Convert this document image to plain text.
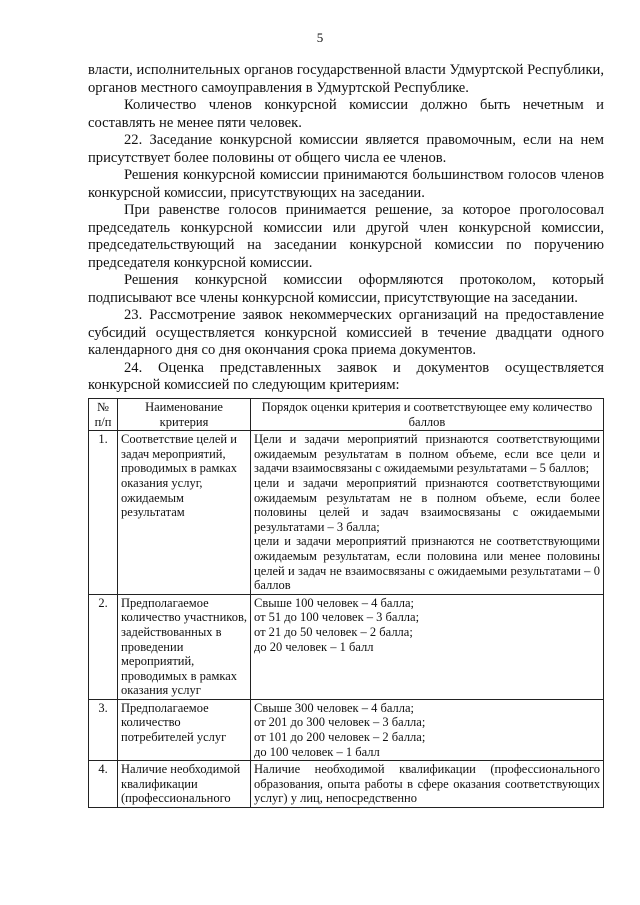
5

власти, исполнительных органов государственной власти Удмуртской Республики, органов местного самоуправления в Удмуртской Республике.

Количество членов конкурсной комиссии должно быть нечетным и составлять не менее пяти человек.

22. Заседание конкурсной комиссии является правомочным, если на нем присутствует более половины от общего числа ее членов.

Решения конкурсной комиссии принимаются большинством голосов членов конкурсной комиссии, присутствующих на заседании.

При равенстве голосов принимается решение, за которое проголосовал председатель конкурсной комиссии или другой член конкурсной комиссии, председательствующий на заседании конкурсной комиссии по поручению председателя конкурсной комиссии.

Решения конкурсной комиссии оформляются протоколом, который подписывают все члены конкурсной комиссии, присутствующие на заседании.

23. Рассмотрение заявок некоммерческих организаций на предоставление субсидий осуществляется конкурсной комиссией в течение двадцати одного календарного дня со дня окончания срока приема документов.

24. Оценка представленных заявок и документов осуществляется конкурсной комиссией по следующим критериям:

№ п/п	Наименование критерия	Порядок оценки критерия и соответствующее ему количество баллов
1.	Соответствие целей и задач мероприятий, проводимых в рамках оказания услуг, ожидаемым результатам	Цели и задачи мероприятий признаются соответствующими ожидаемым результатам в полном объеме, если все цели и задачи взаимосвязаны с ожидаемыми результатами – 5 баллов;
цели и задачи мероприятий признаются соответствующими ожидаемым результатам не в полном объеме, если более половины целей и задач взаимосвязаны с ожидаемыми результатами – 3 балла;
цели и задачи мероприятий признаются не соответствующими ожидаемым результатам, если половина или менее половины целей и задач не взаимосвязаны с ожидаемыми результатами – 0 баллов

2.	Предполагаемое количество участников, задействованных в проведении мероприятий, проводимых в рамках оказания услуг	Свыше 100 человек – 4 балла;
от 51 до 100 человек – 3 балла;
от 21 до 50 человек – 2 балла;
до 20 человек – 1 балл

3.	Предполагаемое количество потребителей услуг	Свыше 300 человек – 4 балла;
от 201 до 300 человек – 3 балла;
от 101 до 200 человек – 2 балла;
до 100 человек – 1 балл

4.	Наличие необходимой квалификации (профессионального	Наличие необходимой квалификации (профессионального образования, опыта работы в сфере оказания соответствующих услуг) у лиц, непосредственно
